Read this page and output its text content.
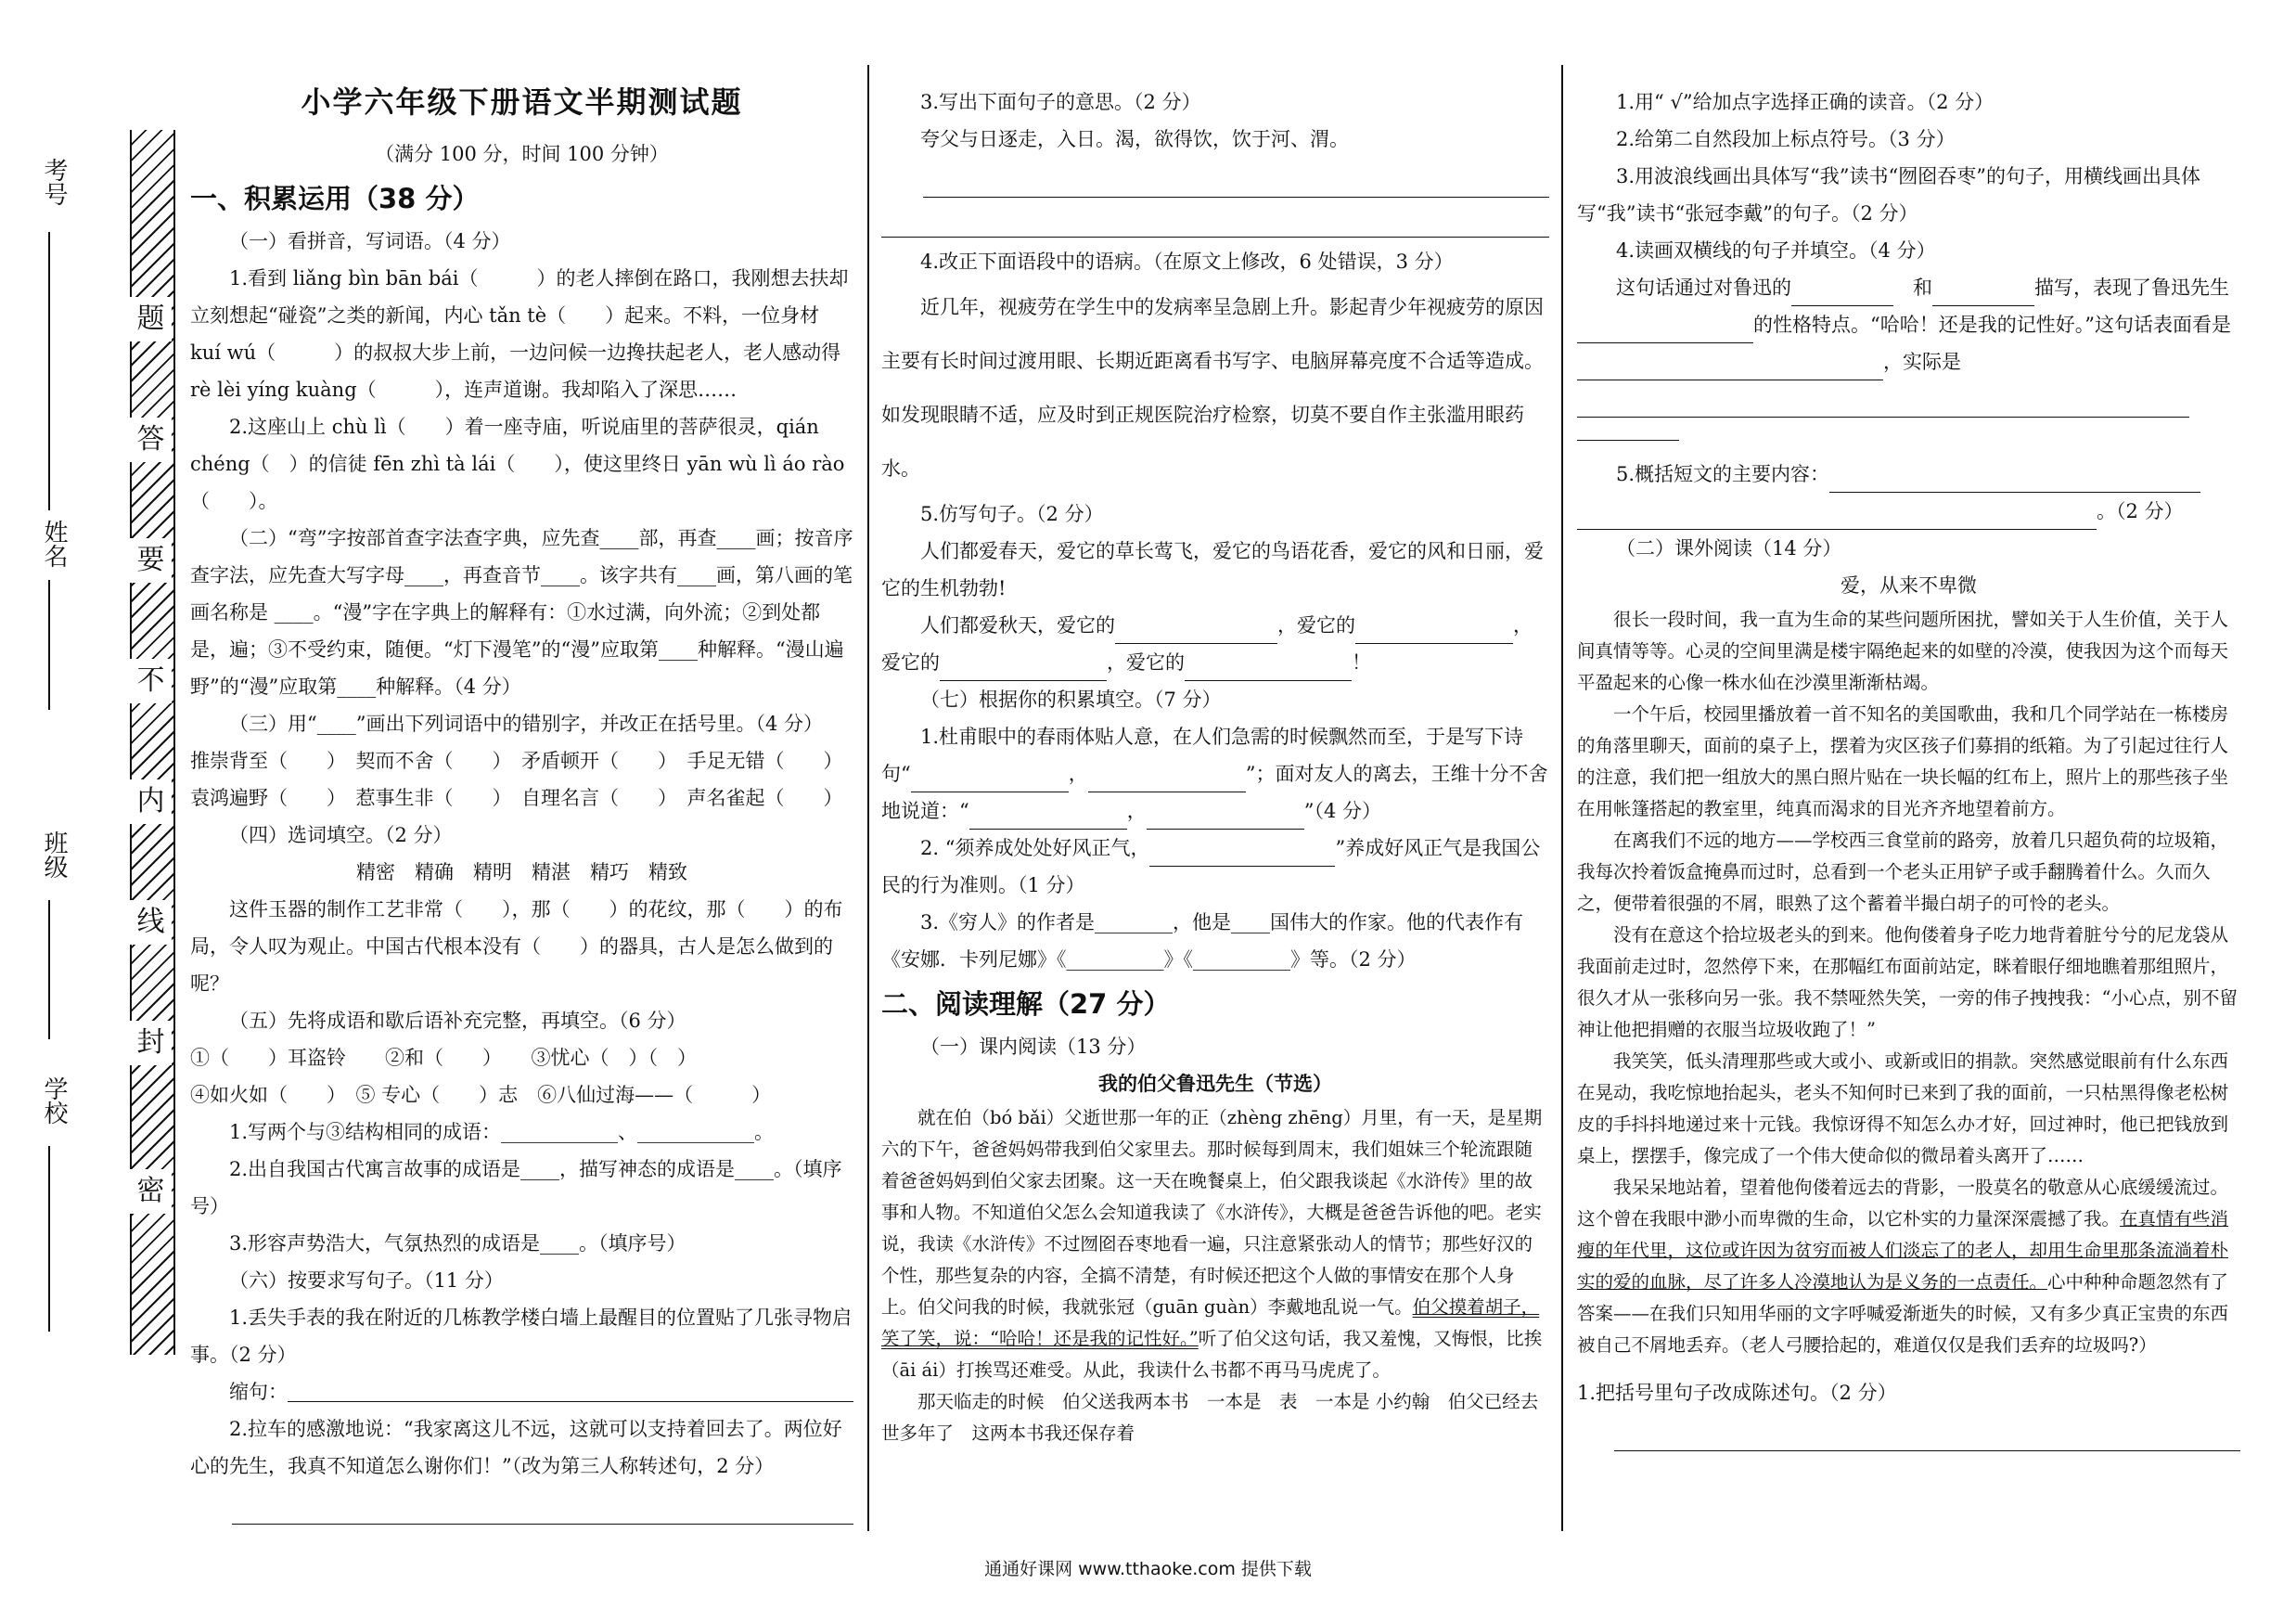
考号
姓名
班级
学校
密
封
线
内
不
要
答
题
小学六年级下册语文半期测试题
（满分 100 分，时间 100 分钟）
一、积累运用（38 分）
（一）看拼音，写词语。（4 分）

1.看到 liǎng bìn bān bái（　　　）的老人摔倒在路口，我刚想去扶却立刻想起“碰瓷”之类的新闻，内心 tǎn tè（　　）起来。不料，一位身材 kuí wú（　　　）的叔叔大步上前，一边问候一边搀扶起老人，老人感动得 rè lèi yíng kuàng（　　　），连声道谢。我却陷入了深思……

2.这座山上 chù lì（　　）着一座寺庙，听说庙里的菩萨很灵，qián chéng（　）的信徒 fēn zhì tà lái（　　），使这里终日 yān wù lì áo rào（　　）。

（二）“弯”字按部首查字法查字典，应先查____部，再查____画；按音序查字法，应先查大写字母____，再查音节____。该字共有____画，第八画的笔画名称是 ____。“漫”字在字典上的解释有：①水过满，向外流；②到处都是，遍；③不受约束，随便。“灯下漫笔”的“漫”应取第____种解释。“漫山遍野”的“漫”应取第____种解释。（4 分）

（三）用“____”画出下列词语中的错别字，并改正在括号里。（4 分）
推崇背至（　　）　契而不舍（　　）　矛盾顿开（　　）　手足无错（　　）
袁鸿遍野（　　）　惹事生非（　　）　自理名言（　　）　声名雀起（　　）
（四）选词填空。（2 分）
精密　精确　精明　精湛　精巧　精致

这件玉器的制作工艺非常（　　），那（　　）的花纹，那（　　）的布局，令人叹为观止。中国古代根本没有（　　）的器具，古人是怎么做到的呢？

（五）先将成语和歇后语补充完整，再填空。（6 分）
①（　　）耳盗铃　　②和（　　）　　③忧心（　）（　）
④如火如（　　）　⑤ 专心（　　）志　⑥八仙过海——（　　　）

1.写两个与③结构相同的成语：____________、____________。

2.出自我国古代寓言故事的成语是____，描写神态的成语是____。（填序号）

3.形容声势浩大，气氛热烈的成语是____。（填序号）

（六）按要求写句子。（11 分）

1.丢失手表的我在附近的几栋教学楼白墙上最醒目的位置贴了几张寻物启事。（2 分）

缩句：

2.拉车的感激地说：“我家离这儿不远，这就可以支持着回去了。两位好心的先生，我真不知道怎么谢你们！”（改为第三人称转述句，2 分）

3.写出下面句子的意思。（2 分）

夸父与日逐走，入日。渴，欲得饮，饮于河、渭。

4.改正下面语段中的语病。（在原文上修改，6 处错误，3 分）

近几年，视疲劳在学生中的发病率呈急剧上升。影起青少年视疲劳的原因主要有长时间过渡用眼、长期近距离看书写字、电脑屏幕亮度不合适等造成。如发现眼睛不适，应及时到正规医院治疗检察，切莫不要自作主张滥用眼药水。

5.仿写句子。（2 分）

人们都爱春天，爱它的草长莺飞，爱它的鸟语花香，爱它的风和日丽，爱它的生机勃勃!

人们都爱秋天，爱它的	，爱它的	，

爱它的	，爱它的	！

（七）根据你的积累填空。（7 分）

1.杜甫眼中的春雨体贴人意，在人们急需的时候飘然而至，于是写下诗句“	，	”；面对友人的离去，王维十分不舍地说道：“	，	”（4 分）

2. “须养成处处好风正气，	”养成好风正气是我国公民的行为准则。（1 分）

3.《穷人》的作者是________，他是____国伟大的作家。他的代表作有《安娜．卡列尼娜》《__________》《__________》等。（2 分）

二、阅读理解（27 分）
（一）课内阅读（13 分）
我的伯父鲁迅先生（节选）

就在伯（bó bǎi）父逝世那一年的正（zhèng zhēng）月里，有一天，是星期六的下午，爸爸妈妈带我到伯父家里去。那时候每到周末，我们姐妹三个轮流跟随着爸爸妈妈到伯父家去团聚。这一天在晚餐桌上，伯父跟我谈起《水浒传》里的故事和人物。不知道伯父怎么会知道我读了《水浒传》，大概是爸爸告诉他的吧。老实说，我读《水浒传》不过囫囵吞枣地看一遍，只注意紧张动人的情节；那些好汉的个性，那些复杂的内容，全搞不清楚，有时候还把这个人做的事情安在那个人身上。伯父问我的时候，我就张冠（guān guàn）李戴地乱说一气。伯父摸着胡子，笑了笑，说：“哈哈！还是我的记性好。”听了伯父这句话，我又羞愧，又悔恨，比挨（āi ái）打挨骂还难受。从此，我读什么书都不再马马虎虎了。

那天临走的时候　伯父送我两本书　一本是　表　一本是 小约翰　伯父已经去世多年了　这两本书我还保存着

1.用“ √”给加点字选择正确的读音。（2 分）

2.给第二自然段加上标点符号。（3 分）

3.用波浪线画出具体写“我”读书“囫囵吞枣”的句子，用横线画出具体写“我”读书“张冠李戴”的句子。（2 分）

4.读画双横线的句子并填空。（4 分）

这句话通过对鲁迅的　	和	描写，表现了鲁迅先生的性格特点。“哈哈！还是我的记性好。”这句话表面看是，实际是

5.概括短文的主要内容：

。（2 分）

（二）课外阅读（14 分）
爱，从来不卑微

很长一段时间，我一直为生命的某些问题所困扰，譬如关于人生价值，关于人间真情等等。心灵的空间里满是楼宇隔绝起来的如壁的冷漠，使我因为这个而每天平盈起来的心像一株水仙在沙漠里渐渐枯竭。

一个午后，校园里播放着一首不知名的美国歌曲，我和几个同学站在一栋楼房的角落里聊天，面前的桌子上，摆着为灾区孩子们募捐的纸箱。为了引起过往行人的注意，我们把一组放大的黑白照片贴在一块长幅的红布上，照片上的那些孩子坐在用帐篷搭起的教室里，纯真而渴求的目光齐齐地望着前方。

在离我们不远的地方——学校西三食堂前的路旁，放着几只超负荷的垃圾箱，我每次拎着饭盒掩鼻而过时，总看到一个老头正用铲子或手翻腾着什么。久而久之，便带着很强的不屑，眼熟了这个蓄着半撮白胡子的可怜的老头。

没有在意这个拾垃圾老头的到来。他佝偻着身子吃力地背着脏兮兮的尼龙袋从我面前走过时，忽然停下来，在那幅红布面前站定，眯着眼仔细地瞧着那组照片，很久才从一张移向另一张。我不禁哑然失笑，一旁的伟子拽拽我：“小心点，别不留神让他把捐赠的衣服当垃圾收跑了！”

我笑笑，低头清理那些或大或小、或新或旧的捐款。突然感觉眼前有什么东西在晃动，我吃惊地抬起头，老头不知何时已来到了我的面前，一只枯黑得像老松树皮的手抖抖地递过来十元钱。我惊讶得不知怎么办才好，回过神时，他已把钱放到桌上，摆摆手，像完成了一个伟大使命似的微昂着头离开了……

我呆呆地站着，望着他佝偻着远去的背影，一股莫名的敬意从心底缓缓流过。这个曾在我眼中渺小而卑微的生命，以它朴实的力量深深震撼了我。在真情有些消瘦的年代里，这位或许因为贫穷而被人们淡忘了的老人，却用生命里那条流淌着朴实的爱的血脉，尽了许多人冷漠地认为是义务的一点责任。心中种种命题忽然有了答案——在我们只知用华丽的文字呼喊爱渐逝失的时候，又有多少真正宝贵的东西被自己不屑地丢弃。（老人弓腰拾起的，难道仅仅是我们丢弃的垃圾吗?）

1.把括号里句子改成陈述句。（2 分）

通通好课网 www.tthaoke.com 提供下载
